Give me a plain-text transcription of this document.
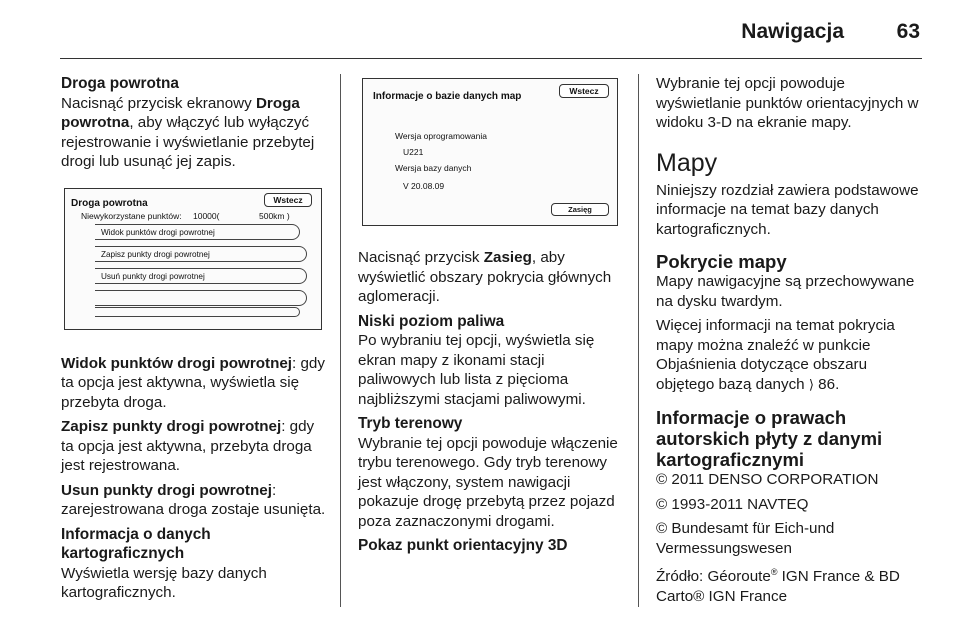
Nawigacja	63
Droga powrotna

Nacisnąć przycisk ekranowy Droga powrotna, aby włączyć lub wyłączyć rejestrowanie i wyświetlanie przebytej drogi lub usunąć jej zapis.

Droga powrotna	Wstecz
Niewykorzystane punktów: 10000(	500km )
Widok punktów drogi powrotnej
Zapisz punkty drogi powrotnej
Usuń punkty drogi powrotnej

Widok punktów drogi powrotnej: gdy ta opcja jest aktywna, wyświetla się przebyta droga.

Zapisz punkty drogi powrotnej: gdy ta opcja jest aktywna, przebyta droga jest rejestrowana.

Usun punkty drogi powrotnej: zarejestrowana droga zostaje usunięta.

Informacja o danych kartograficznych

Wyświetla wersję bazy danych kartograficznych.

Informacje o bazie danych map	Wstecz
Wersja oprogramowania
U221
Wersja bazy danych
V 20.08.09
Zasięg

Nacisnąć przycisk Zasieg, aby wyświetlić obszary pokrycia głównych aglomeracji.

Niski poziom paliwa

Po wybraniu tej opcji, wyświetla się ekran mapy z ikonami stacji paliwowych lub lista z pięcioma najbliższymi stacjami paliwowymi.

Tryb terenowy

Wybranie tej opcji powoduje włączenie trybu terenowego. Gdy tryb terenowy jest włączony, system nawigacji pokazuje drogę przebytą przez pojazd poza zaznaczonymi drogami.

Pokaz punkt orientacyjny 3D

Wybranie tej opcji powoduje wyświetlanie punktów orientacyjnych w widoku 3-D na ekranie mapy.

Mapy

Niniejszy rozdział zawiera podstawowe informacje na temat bazy danych kartograficznych.

Pokrycie mapy

Mapy nawigacyjne są przechowywane na dysku twardym.

Więcej informacji na temat pokrycia mapy można znaleźć w punkcie Objaśnienia dotyczące obszaru objętego bazą danych ⟩ 86.

Informacje o prawach autorskich płyty z danymi kartograficznymi

© 2011 DENSO CORPORATION

© 1993-2011 NAVTEQ

© Bundesamt für Eich-und Vermessungswesen

Źródło: Géoroute® IGN France & BD Carto® IGN France
